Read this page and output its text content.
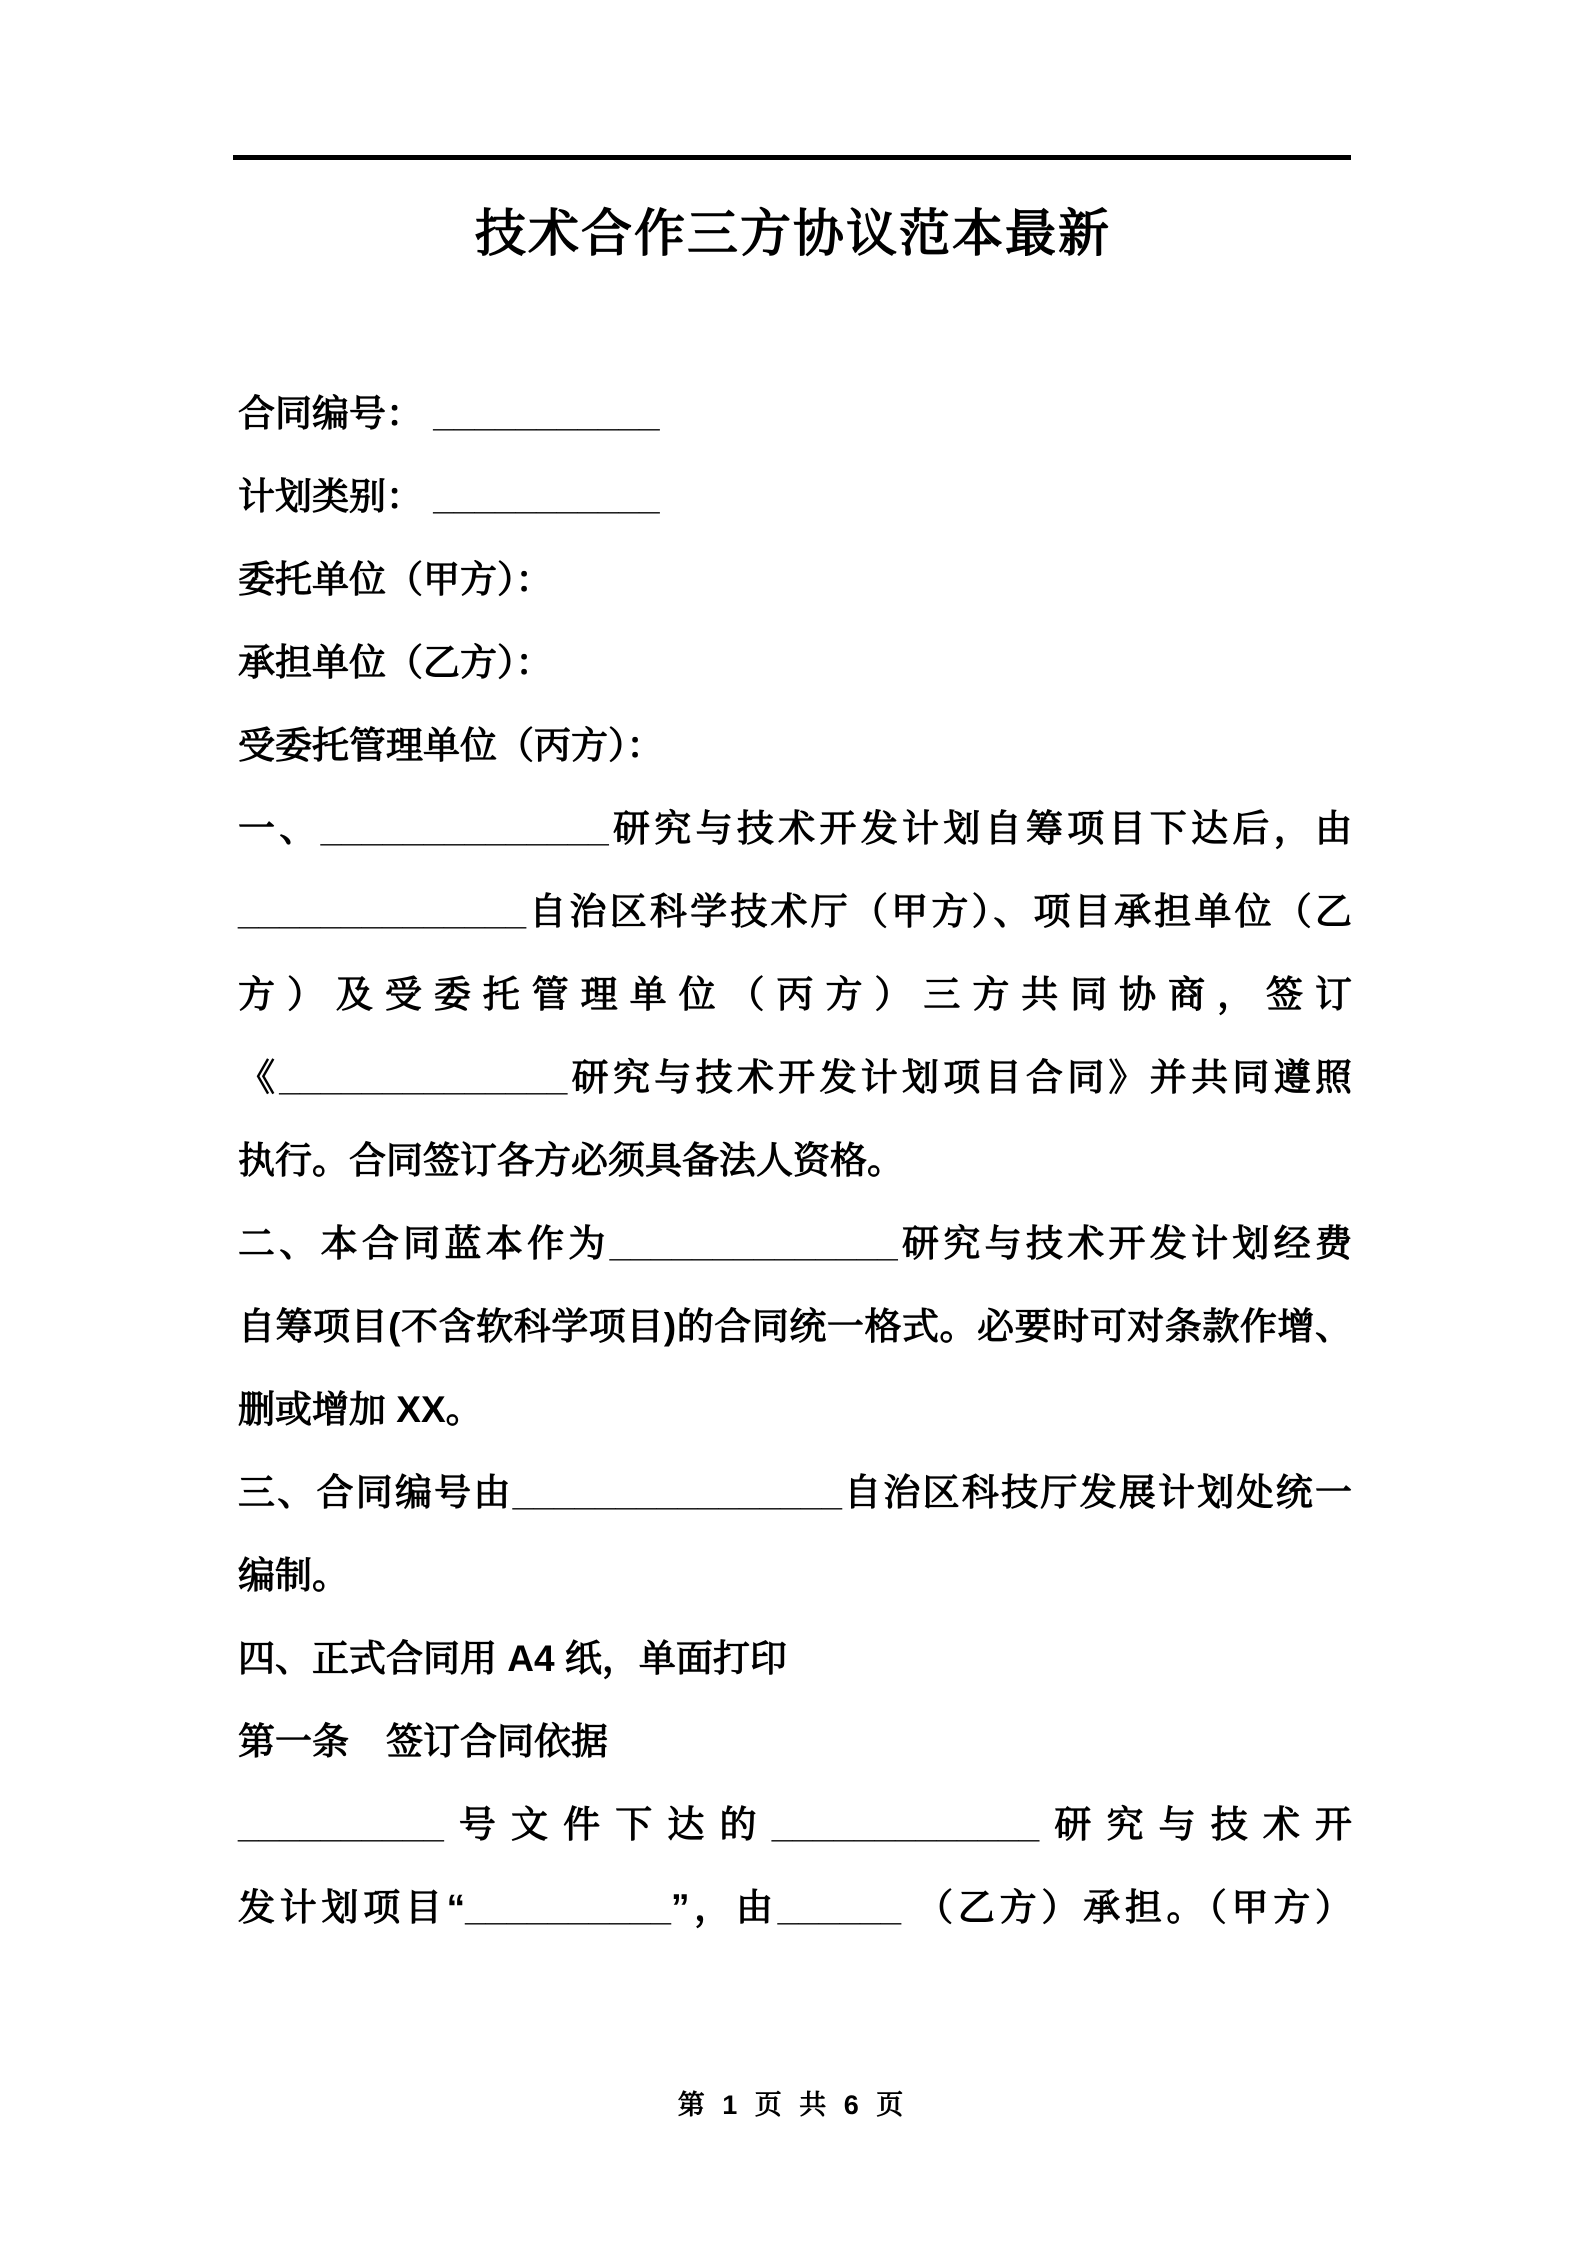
技术合作三方协议范本最新
合同编号： ___________
计划类别： ___________
委托单位（甲方）：
承担单位（乙方）：
受委托管理单位（丙方）：
一、______________研究与技术开发计划自筹项目下达后，由
______________自治区科学技术厅（甲方）、项目承担单位（乙
方）及受委托管理单位（丙方）三方共同协商，签订
《______________研究与技术开发计划项目合同》并共同遵照
执行。合同签订各方必须具备法人资格。
二、本合同蓝本作为______________研究与技术开发计划经费
自筹项目(不含软科学项目)的合同统一格式。必要时可对条款作增、
删或增加 XX。
三、合同编号由________________自治区科技厅发展计划处统一
编制。
四、正式合同用 A4 纸，单面打印
第一条　签订合同依据
__________号文件下达的_____________研究与技术开
发计划项目“__________”，由______ （乙方）承担。（甲方）
第 1 页 共 6 页
